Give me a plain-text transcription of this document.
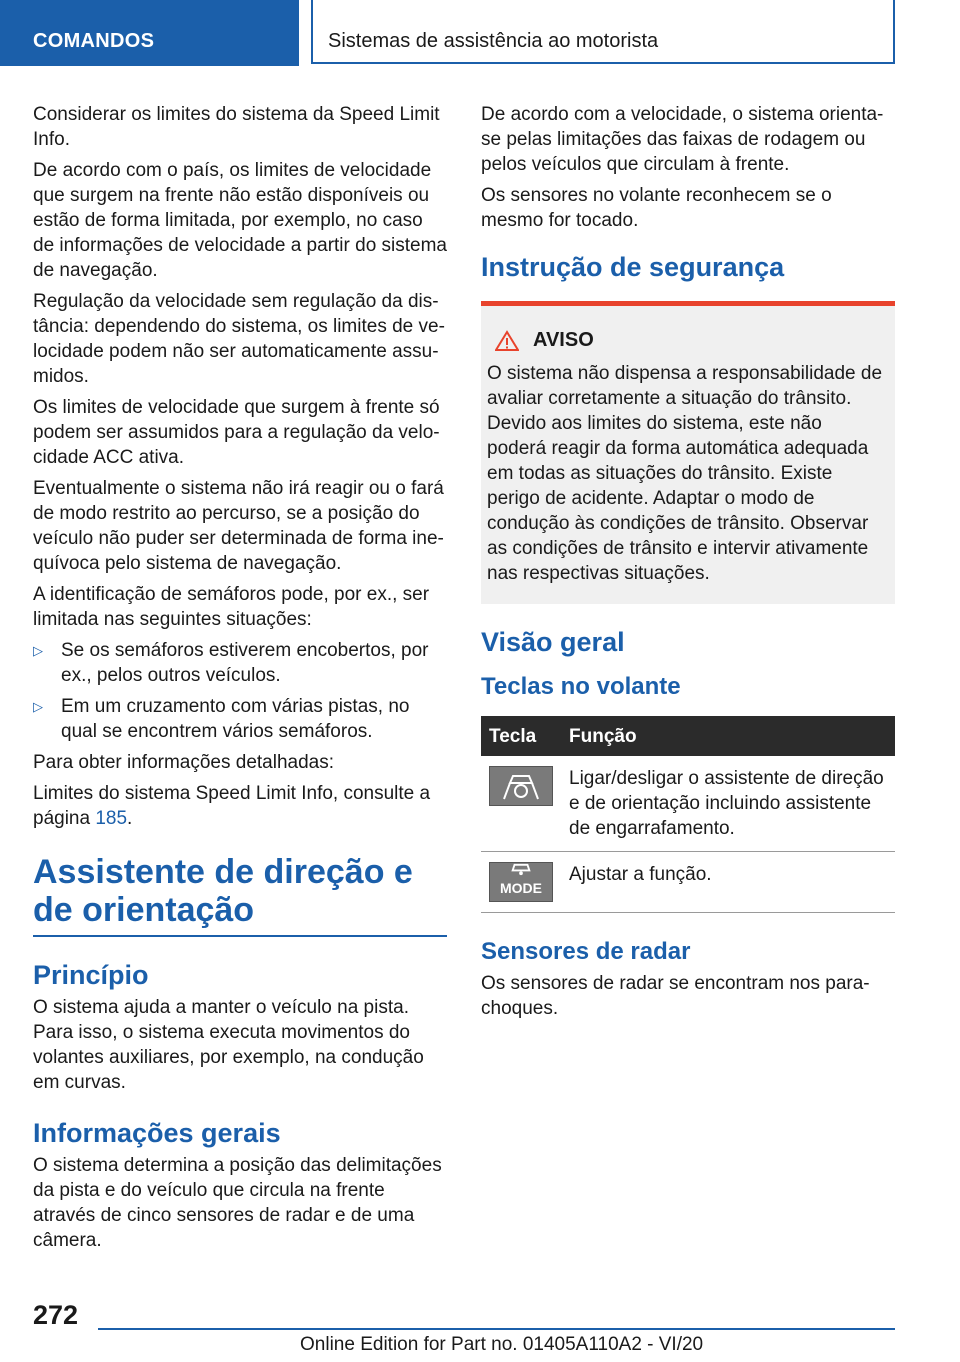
COMANDOS	Sistemas de assistência ao motorista

Considerar os limites do sistema da Speed Limit Info.

De acordo com o país, os limites de velocidade que surgem na frente não estão disponíveis ou estão de forma limitada, por exemplo, no caso de informações de velocidade a partir do sistema de navegação.

Regulação da velocidade sem regulação da distância: dependendo do sistema, os limites de velocidade podem não ser automaticamente assumidos.

Os limites de velocidade que surgem à frente só podem ser assumidos para a regulação da velocidade ACC ativa.

Eventualmente o sistema não irá reagir ou o fará de modo restrito ao percurso, se a posição do veículo não puder ser determinada de forma inequívoca pelo sistema de navegação.

A identificação de semáforos pode, por ex., ser limitada nas seguintes situações:

▷ Se os semáforos estiverem encobertos, por ex., pelos outros veículos.
▷ Em um cruzamento com várias pistas, no qual se encontrem vários semáforos.

Para obter informações detalhadas:

Limites do sistema Speed Limit Info, consulte a página 185.

Assistente de direção e de orientação
Princípio

O sistema ajuda a manter o veículo na pista. Para isso, o sistema executa movimentos do volantes auxiliares, por exemplo, na condução em curvas.

Informações gerais

O sistema determina a posição das delimitações da pista e do veículo que circula na frente através de cinco sensores de radar e de uma câmera.

De acordo com a velocidade, o sistema orienta-se pelas limitações das faixas de rodagem ou pelos veículos que circulam à frente.

Os sensores no volante reconhecem se o mesmo for tocado.

Instrução de segurança
AVISO

O sistema não dispensa a responsabilidade de avaliar corretamente a situação do trânsito. Devido aos limites do sistema, este não poderá reagir da forma automática adequada em todas as situações do trânsito. Existe perigo de acidente. Adaptar o modo de condução às condições de trânsito. Observar as condições de trânsito e intervir ativamente nas respectivas situações.

Visão geral
Teclas no volante
Tecla	Função

	Ligar/desligar o assistente de direção e de orientação incluindo assistente de engarrafamento.

MODE	Ajustar a função.
Sensores de radar

Os sensores de radar se encontram nos para-choques.

272
Online Edition for Part no. 01405A110A2 - VI/20
